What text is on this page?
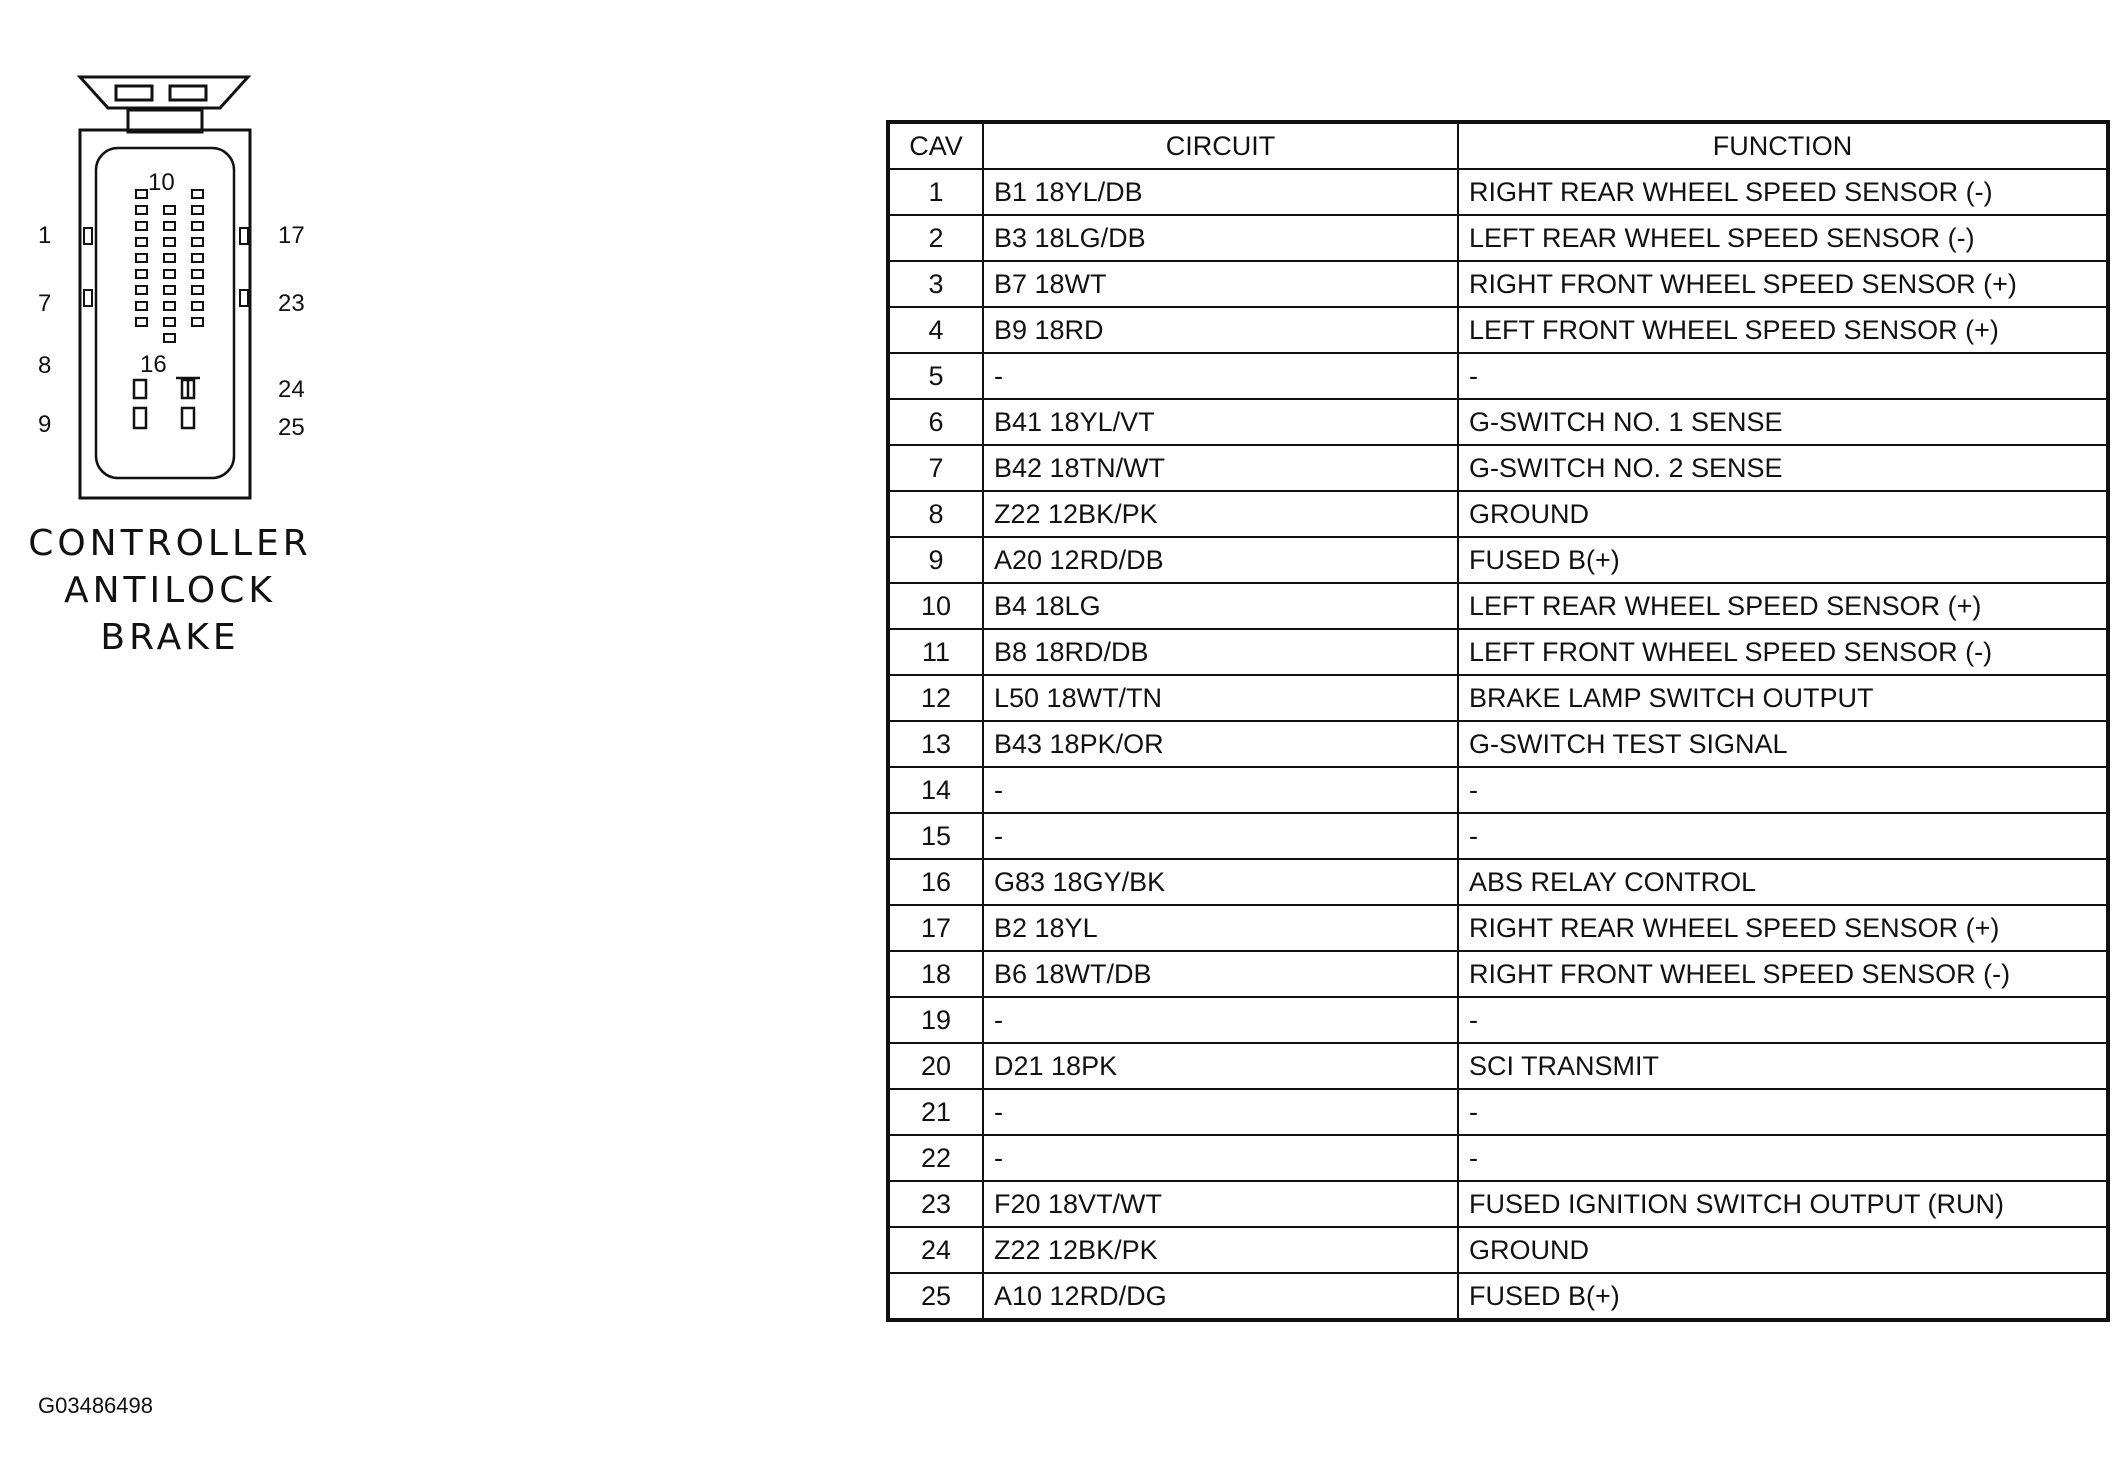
1
7
8
9
17
23
24
25
10
16
CONTROLLER
ANTILOCK
BRAKE
CAV	CIRCUIT	FUNCTION
1	B1 18YL/DB	RIGHT REAR WHEEL SPEED SENSOR (-)
2	B3 18LG/DB	LEFT REAR WHEEL SPEED SENSOR (-)
3	B7 18WT	RIGHT FRONT WHEEL SPEED SENSOR (+)
4	B9 18RD	LEFT FRONT WHEEL SPEED SENSOR (+)
5	-	-
6	B41 18YL/VT	G-SWITCH NO. 1 SENSE
7	B42 18TN/WT	G-SWITCH NO. 2 SENSE
8	Z22 12BK/PK	GROUND
9	A20 12RD/DB	FUSED B(+)
10	B4 18LG	LEFT REAR WHEEL SPEED SENSOR (+)
11	B8 18RD/DB	LEFT FRONT WHEEL SPEED SENSOR (-)
12	L50 18WT/TN	BRAKE LAMP SWITCH OUTPUT
13	B43 18PK/OR	G-SWITCH TEST SIGNAL
14	-	-
15	-	-
16	G83 18GY/BK	ABS RELAY CONTROL
17	B2 18YL	RIGHT REAR WHEEL SPEED SENSOR (+)
18	B6 18WT/DB	RIGHT FRONT WHEEL SPEED SENSOR (-)
19	-	-
20	D21 18PK	SCI TRANSMIT
21	-	-
22	-	-
23	F20 18VT/WT	FUSED IGNITION SWITCH OUTPUT (RUN)
24	Z22 12BK/PK	GROUND
25	A10 12RD/DG	FUSED B(+)
G03486498
